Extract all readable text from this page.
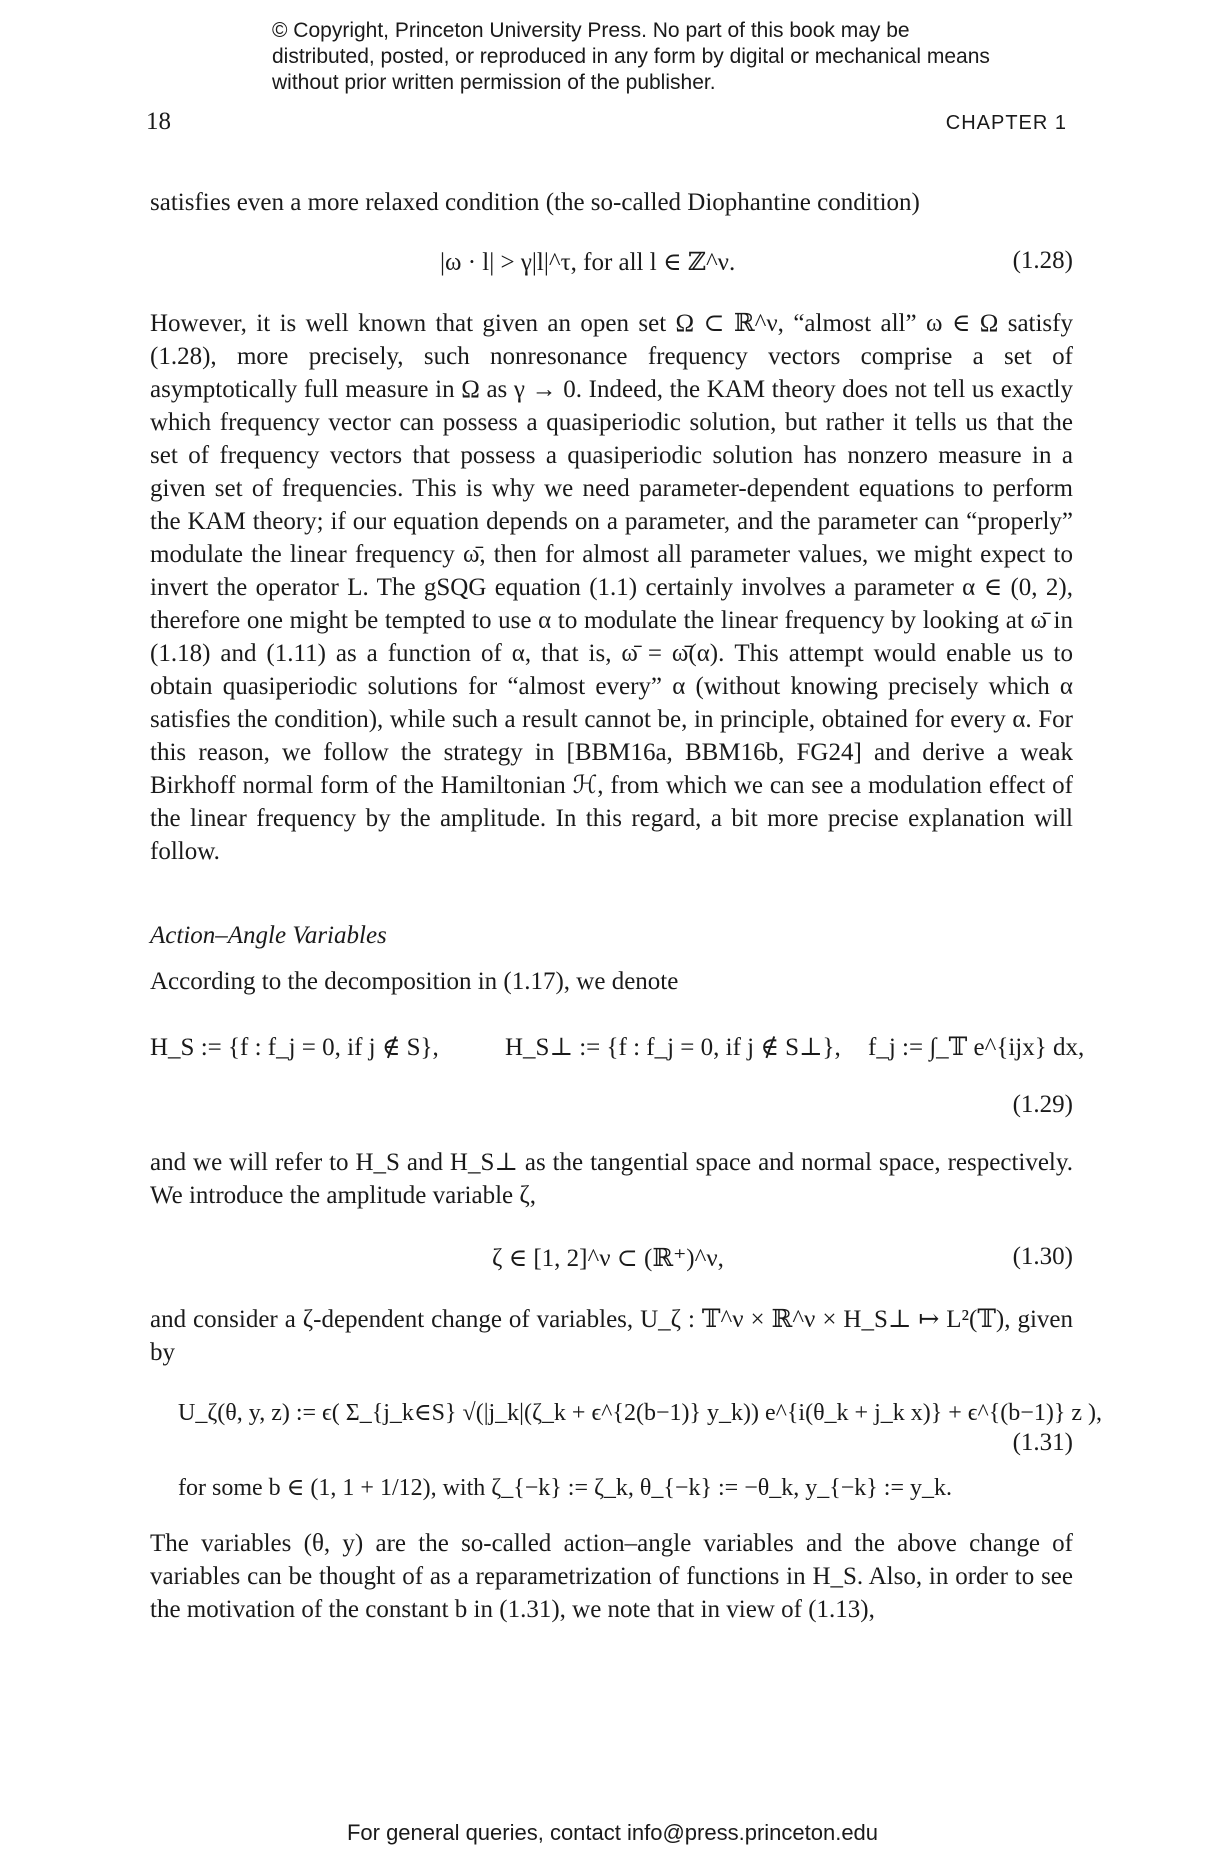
© Copyright, Princeton University Press. No part of this book may be distributed, posted, or reproduced in any form by digital or mechanical means without prior written permission of the publisher.
18	CHAPTER 1
satisfies even a more relaxed condition (the so-called Diophantine condition)
|ω · l| > γ|l|^τ, for all l ∈ ℤ^ν.	(1.28)
However, it is well known that given an open set Ω ⊂ ℝ^ν, “almost all” ω ∈ Ω satisfy (1.28), more precisely, such nonresonance frequency vectors comprise a set of asymptotically full measure in Ω as γ → 0. Indeed, the KAM theory does not tell us exactly which frequency vector can possess a quasiperiodic solution, but rather it tells us that the set of frequency vectors that possess a quasiperiodic solution has nonzero measure in a given set of frequencies. This is why we need parameter-dependent equations to perform the KAM theory; if our equation depends on a parameter, and the parameter can “properly” modulate the linear frequency ω̄, then for almost all parameter values, we might expect to invert the operator L. The gSQG equation (1.1) certainly involves a parameter α ∈ (0, 2), therefore one might be tempted to use α to modulate the linear frequency by looking at ω̄ in (1.18) and (1.11) as a function of α, that is, ω̄ = ω̄(α). This attempt would enable us to obtain quasiperiodic solutions for “almost every” α (without knowing precisely which α satisfies the condition), while such a result cannot be, in principle, obtained for every α. For this reason, we follow the strategy in [BBM16a, BBM16b, FG24] and derive a weak Birkhoff normal form of the Hamiltonian ℋ, from which we can see a modulation effect of the linear frequency by the amplitude. In this regard, a bit more precise explanation will follow.
Action–Angle Variables
According to the decomposition in (1.17), we denote
H_S := {f : f_j = 0, if j ∉ S},	H_S⊥ := {f : f_j = 0, if j ∉ S⊥}, f_j := ∫_𝕋 e^{ijx} dx,
(1.29)
and we will refer to H_S and H_S⊥ as the tangential space and normal space, respectively. We introduce the amplitude variable ζ,
ζ ∈ [1, 2]^ν ⊂ (ℝ⁺)^ν,	(1.30)
and consider a ζ-dependent change of variables, U_ζ : 𝕋^ν × ℝ^ν × H_S⊥ ↦ L²(𝕋), given by
U_ζ(θ, y, z) := ϵ( Σ_{j_k∈S} √(|j_k|(ζ_k + ϵ^{2(b−1)} y_k)) e^{i(θ_k + j_k x)} + ϵ^{(b−1)} z ),
(1.31)
for some b ∈ (1, 1 + 1/12), with ζ_{−k} := ζ_k, θ_{−k} := −θ_k, y_{−k} := y_k.
The variables (θ, y) are the so-called action–angle variables and the above change of variables can be thought of as a reparametrization of functions in H_S. Also, in order to see the motivation of the constant b in (1.31), we note that in view of (1.13),
For general queries, contact info@press.princeton.edu
